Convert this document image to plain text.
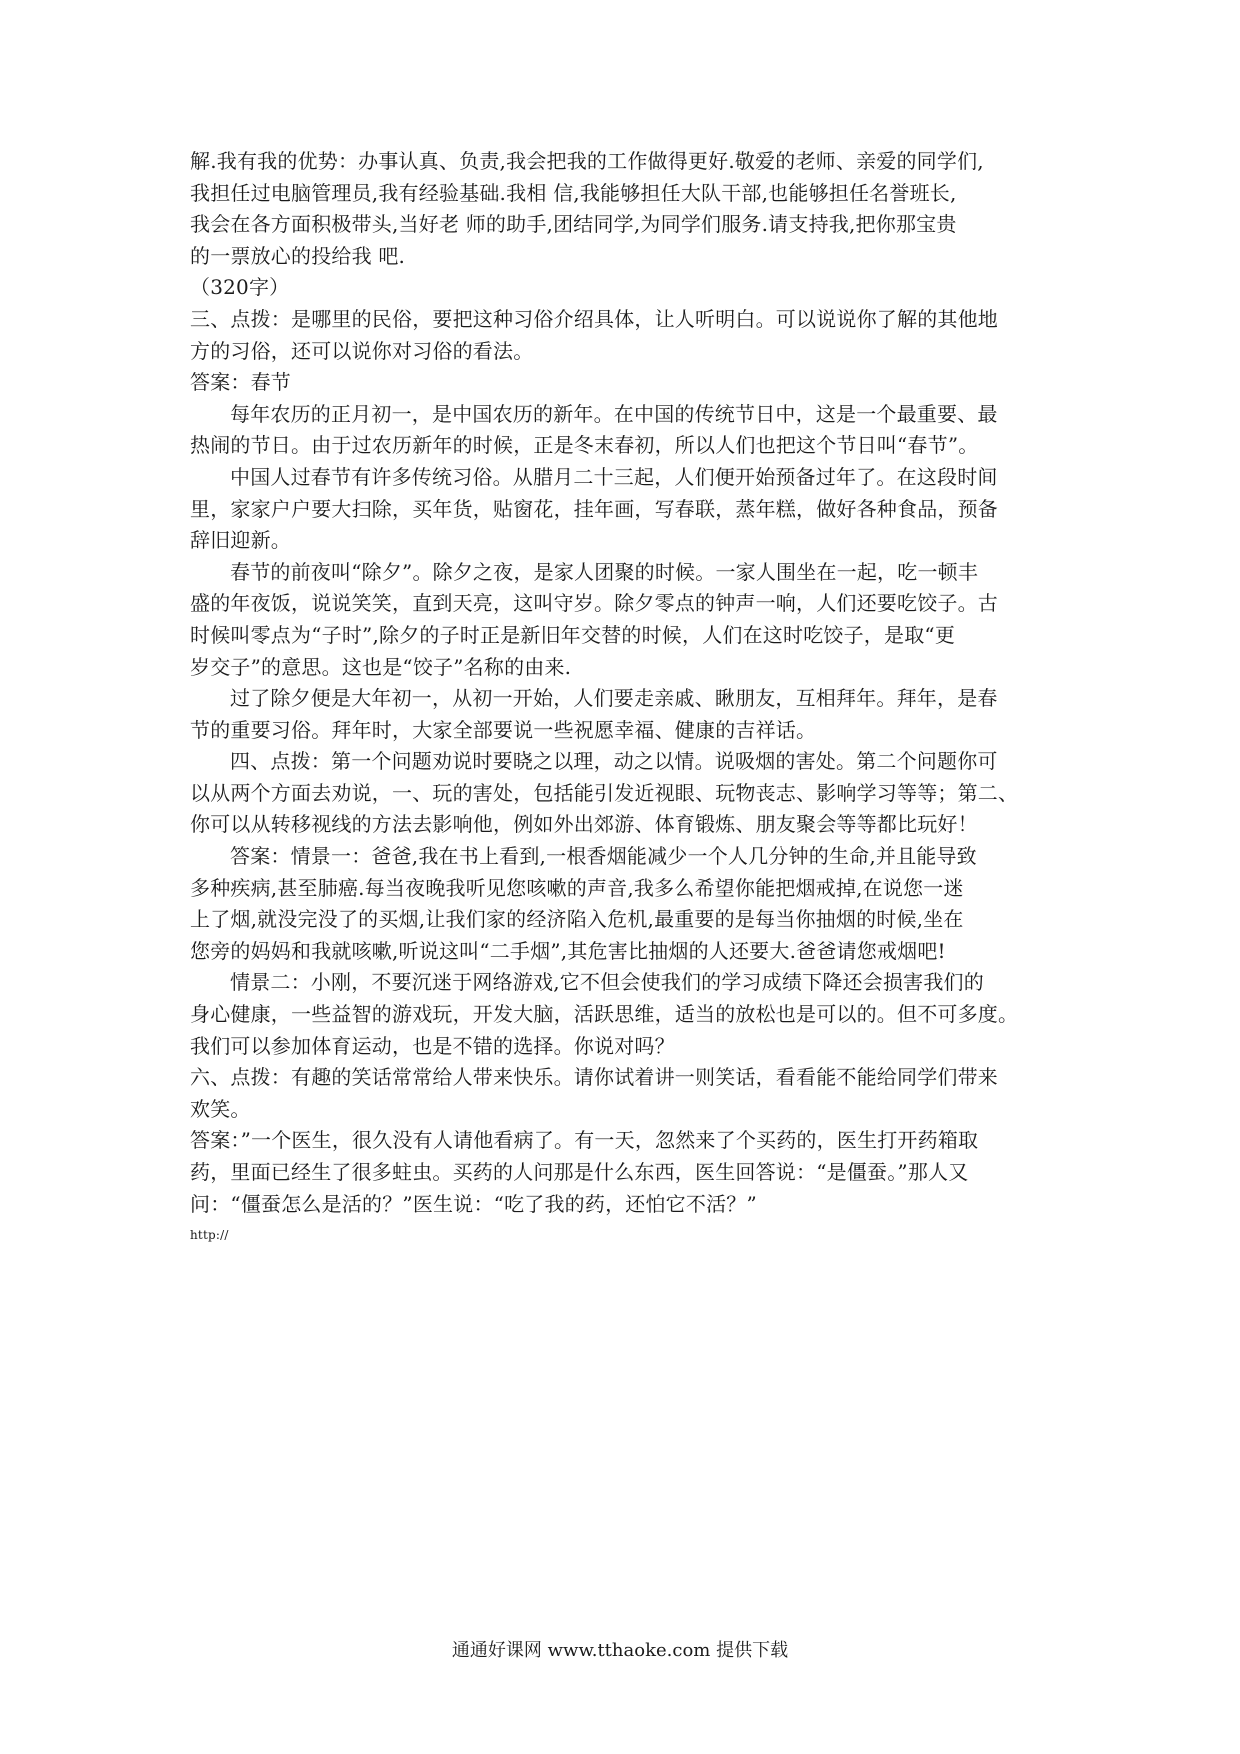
解.我有我的优势：办事认真、负责,我会把我的工作做得更好.敬爱的老师、亲爱的同学们,
我担任过电脑管理员,我有经验基础.我相 信,我能够担任大队干部,也能够担任名誉班长,
我会在各方面积极带头,当好老 师的助手,团结同学,为同学们服务.请支持我,把你那宝贵
的一票放心的投给我 吧.
（320字）
三、点拨：是哪里的民俗，要把这种习俗介绍具体，让人听明白。可以说说你了解的其他地
方的习俗，还可以说你对习俗的看法。
答案：春节
每年农历的正月初一，是中国农历的新年。在中国的传统节日中，这是一个最重要、最
热闹的节日。由于过农历新年的时候，正是冬末春初，所以人们也把这个节日叫“春节”。
中国人过春节有许多传统习俗。从腊月二十三起，人们便开始预备过年了。在这段时间
里，家家户户要大扫除，买年货，贴窗花，挂年画，写春联，蒸年糕，做好各种食品，预备
辞旧迎新。
春节的前夜叫“除夕”。除夕之夜，是家人团聚的时候。一家人围坐在一起，吃一顿丰
盛的年夜饭，说说笑笑，直到天亮，这叫守岁。除夕零点的钟声一响，人们还要吃饺子。古
时候叫零点为“子时”,除夕的子时正是新旧年交替的时候，人们在这时吃饺子，是取“更
岁交子”的意思。这也是“饺子”名称的由来.
过了除夕便是大年初一，从初一开始，人们要走亲戚、瞅朋友，互相拜年。拜年，是春
节的重要习俗。拜年时，大家全部要说一些祝愿幸福、健康的吉祥话。
四、点拨：第一个问题劝说时要晓之以理，动之以情。说吸烟的害处。第二个问题你可
以从两个方面去劝说，一、玩的害处，包括能引发近视眼、玩物丧志、影响学习等等；第二、
你可以从转移视线的方法去影响他，例如外出郊游、体育锻炼、朋友聚会等等都比玩好！
答案：情景一：爸爸,我在书上看到,一根香烟能减少一个人几分钟的生命,并且能导致
多种疾病,甚至肺癌.每当夜晚我听见您咳嗽的声音,我多么希望你能把烟戒掉,在说您一迷
上了烟,就没完没了的买烟,让我们家的经济陷入危机,最重要的是每当你抽烟的时候,坐在
您旁的妈妈和我就咳嗽,听说这叫“二手烟”,其危害比抽烟的人还要大.爸爸请您戒烟吧!
情景二：小刚，不要沉迷于网络游戏,它不但会使我们的学习成绩下降还会损害我们的
身心健康，一些益智的游戏玩，开发大脑，活跃思维，适当的放松也是可以的。但不可多度。
我们可以参加体育运动，也是不错的选择。你说对吗？
六、点拨：有趣的笑话常常给人带来快乐。请你试着讲一则笑话，看看能不能给同学们带来
欢笑。
答案：”一个医生，很久没有人请他看病了。有一天，忽然来了个买药的，医生打开药箱取
药，里面已经生了很多蛀虫。买药的人问那是什么东西，医生回答说：“是僵蚕。”那人又
问：“僵蚕怎么是活的？”医生说：“吃了我的药，还怕它不活？”
http://
通通好课网 www.tthaoke.com 提供下载
